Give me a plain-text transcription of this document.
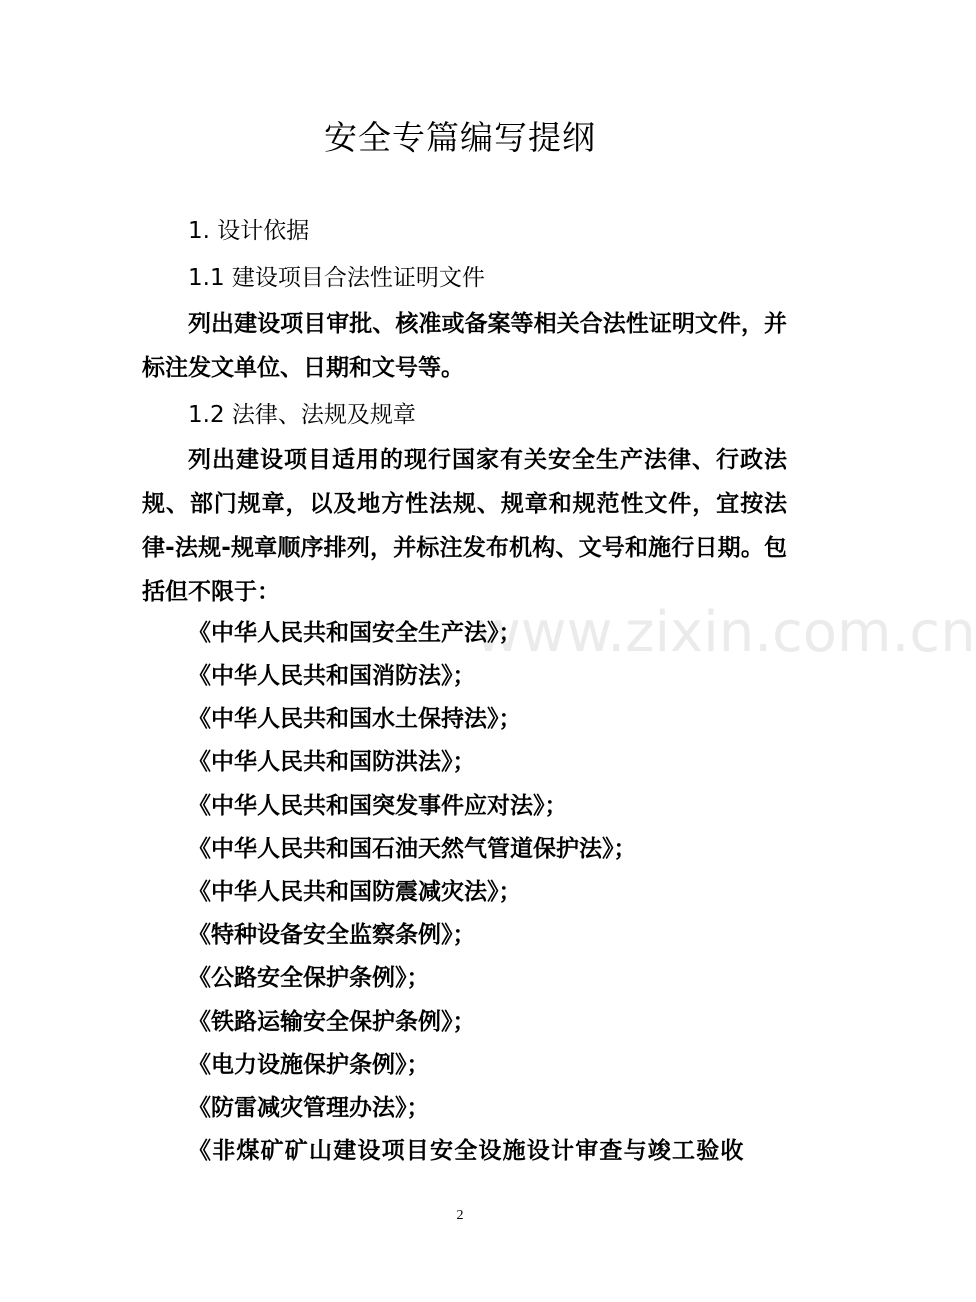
www.zixin.com.cn
安全专篇编写提纲
1. 设计依据
1.1 建设项目合法性证明文件
列出建设项目审批、核准或备案等相关合法性证明文件，并标注发文单位、日期和文号等。
1.2 法律、法规及规章
列出建设项目适用的现行国家有关安全生产法律、行政法规、部门规章，以及地方性法规、规章和规范性文件，宜按法律-法规-规章顺序排列，并标注发布机构、文号和施行日期。包括但不限于：
《中华人民共和国安全生产法》；
《中华人民共和国消防法》；
《中华人民共和国水土保持法》；
《中华人民共和国防洪法》；
《中华人民共和国突发事件应对法》；
《中华人民共和国石油天然气管道保护法》；
《中华人民共和国防震减灾法》；
《特种设备安全监察条例》；
《公路安全保护条例》；
《铁路运输安全保护条例》；
《电力设施保护条例》；
《防雷减灾管理办法》；
《非煤矿矿山建设项目安全设施设计审查与竣工验收
2
